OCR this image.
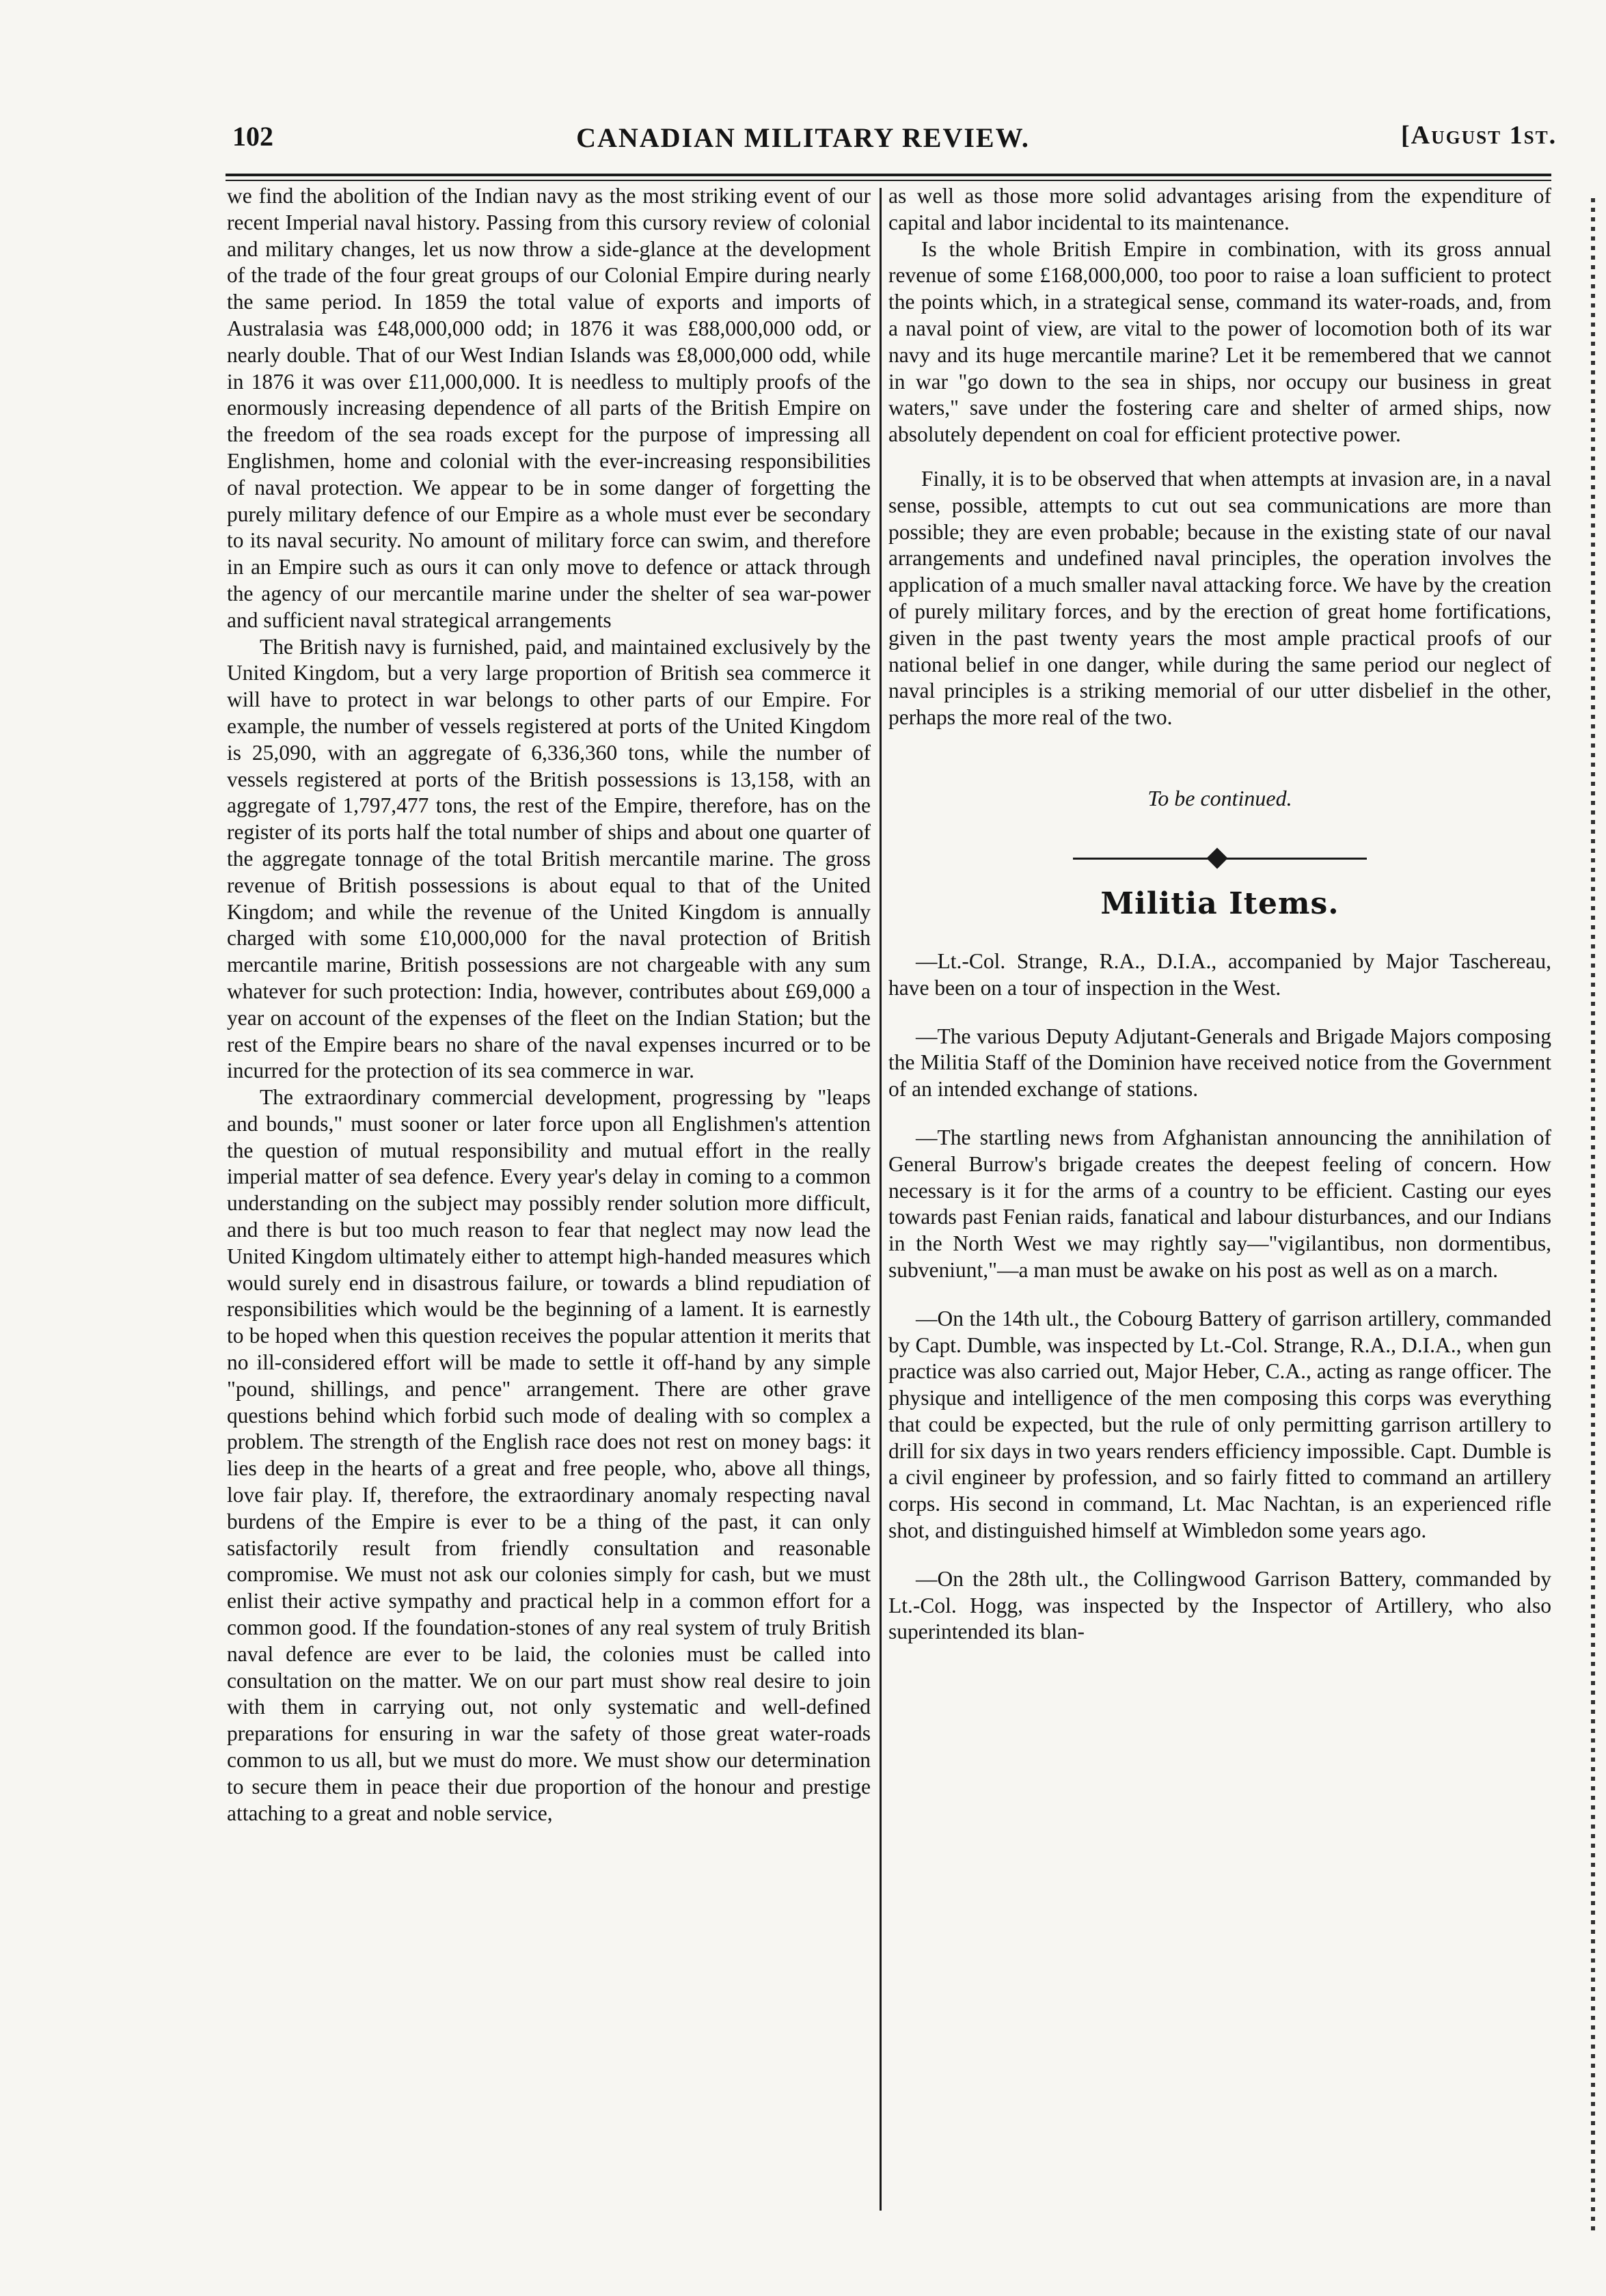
102	CANADIAN MILITARY REVIEW.	[August 1st.

we find the abolition of the Indian navy as the most striking event of our recent Imperial naval history. Passing from this cursory review of colonial and military changes, let us now throw a side-glance at the development of the trade of the four great groups of our Colonial Empire during nearly the same period. In 1859 the total value of exports and imports of Australasia was £48,000,000 odd; in 1876 it was £88,000,000 odd, or nearly double. That of our West Indian Islands was £8,000,000 odd, while in 1876 it was over £11,000,000. It is needless to multiply proofs of the enormously increasing dependence of all parts of the British Empire on the freedom of the sea roads except for the purpose of impressing all Englishmen, home and colonial with the ever-increasing responsibilities of naval protection. We appear to be in some danger of forgetting the purely military defence of our Empire as a whole must ever be secondary to its naval security. No amount of military force can swim, and therefore in an Empire such as ours it can only move to defence or attack through the agency of our mercantile marine under the shelter of sea war-power and sufficient naval strategical arrangements

The British navy is furnished, paid, and maintained exclusively by the United Kingdom, but a very large proportion of British sea commerce it will have to protect in war belongs to other parts of our Empire. For example, the number of vessels registered at ports of the United Kingdom is 25,090, with an aggregate of 6,336,360 tons, while the number of vessels registered at ports of the British possessions is 13,158, with an aggregate of 1,797,477 tons, the rest of the Empire, therefore, has on the register of its ports half the total number of ships and about one quarter of the aggregate tonnage of the total British mercantile marine. The gross revenue of British possessions is about equal to that of the United Kingdom; and while the revenue of the United Kingdom is annually charged with some £10,000,000 for the naval protection of British mercantile marine, British possessions are not chargeable with any sum whatever for such protection: India, however, contributes about £69,000 a year on account of the expenses of the fleet on the Indian Station; but the rest of the Empire bears no share of the naval expenses incurred or to be incurred for the protection of its sea commerce in war.

The extraordinary commercial development, progressing by "leaps and bounds," must sooner or later force upon all Englishmen's attention the question of mutual responsibility and mutual effort in the really imperial matter of sea defence. Every year's delay in coming to a common understanding on the subject may possibly render solution more difficult, and there is but too much reason to fear that neglect may now lead the United Kingdom ultimately either to attempt high-handed measures which would surely end in disastrous failure, or towards a blind repudiation of responsibilities which would be the beginning of a lament. It is earnestly to be hoped when this question receives the popular attention it merits that no ill-considered effort will be made to settle it off-hand by any simple "pound, shillings, and pence" arrangement. There are other grave questions behind which forbid such mode of dealing with so complex a problem. The strength of the English race does not rest on money bags: it lies deep in the hearts of a great and free people, who, above all things, love fair play. If, therefore, the extraordinary anomaly respecting naval burdens of the Empire is ever to be a thing of the past, it can only satisfactorily result from friendly consultation and reasonable compromise. We must not ask our colonies simply for cash, but we must enlist their active sympathy and practical help in a common effort for a common good. If the foundation-stones of any real system of truly British naval defence are ever to be laid, the colonies must be called into consultation on the matter. We on our part must show real desire to join with them in carrying out, not only systematic and well-defined preparations for ensuring in war the safety of those great water-roads common to us all, but we must do more. We must show our determination to secure them in peace their due proportion of the honour and prestige attaching to a great and noble service,

as well as those more solid advantages arising from the expenditure of capital and labor incidental to its maintenance.

Is the whole British Empire in combination, with its gross annual revenue of some £168,000,000, too poor to raise a loan sufficient to protect the points which, in a strategical sense, command its water-roads, and, from a naval point of view, are vital to the power of locomotion both of its war navy and its huge mercantile marine? Let it be remembered that we cannot in war "go down to the sea in ships, nor occupy our business in great waters," save under the fostering care and shelter of armed ships, now absolutely dependent on coal for efficient protective power.

Finally, it is to be observed that when attempts at invasion are, in a naval sense, possible, attempts to cut out sea communications are more than possible; they are even probable; because in the existing state of our naval arrangements and undefined naval principles, the operation involves the application of a much smaller naval attacking force. We have by the creation of purely military forces, and by the erection of great home fortifications, given in the past twenty years the most ample practical proofs of our national belief in one danger, while during the same period our neglect of naval principles is a striking memorial of our utter disbelief in the other, perhaps the more real of the two.

To be continued.
Militia Items.

—Lt.-Col. Strange, R.A., D.I.A., accompanied by Major Taschereau, have been on a tour of inspection in the West.

—The various Deputy Adjutant-Generals and Brigade Majors composing the Militia Staff of the Dominion have received notice from the Government of an intended exchange of stations.

—The startling news from Afghanistan announcing the annihilation of General Burrow's brigade creates the deepest feeling of concern. How necessary is it for the arms of a country to be efficient. Casting our eyes towards past Fenian raids, fanatical and labour disturbances, and our Indians in the North West we may rightly say—"vigilantibus, non dormentibus, subveniunt,"—a man must be awake on his post as well as on a march.

—On the 14th ult., the Cobourg Battery of garrison artillery, commanded by Capt. Dumble, was inspected by Lt.-Col. Strange, R.A., D.I.A., when gun practice was also carried out, Major Heber, C.A., acting as range officer. The physique and intelligence of the men composing this corps was everything that could be expected, but the rule of only permitting garrison artillery to drill for six days in two years renders efficiency impossible. Capt. Dumble is a civil engineer by profession, and so fairly fitted to command an artillery corps. His second in command, Lt. Mac Nachtan, is an experienced rifle shot, and distinguished himself at Wimbledon some years ago.

—On the 28th ult., the Collingwood Garrison Battery, commanded by Lt.-Col. Hogg, was inspected by the Inspector of Artillery, who also superintended its blan-
